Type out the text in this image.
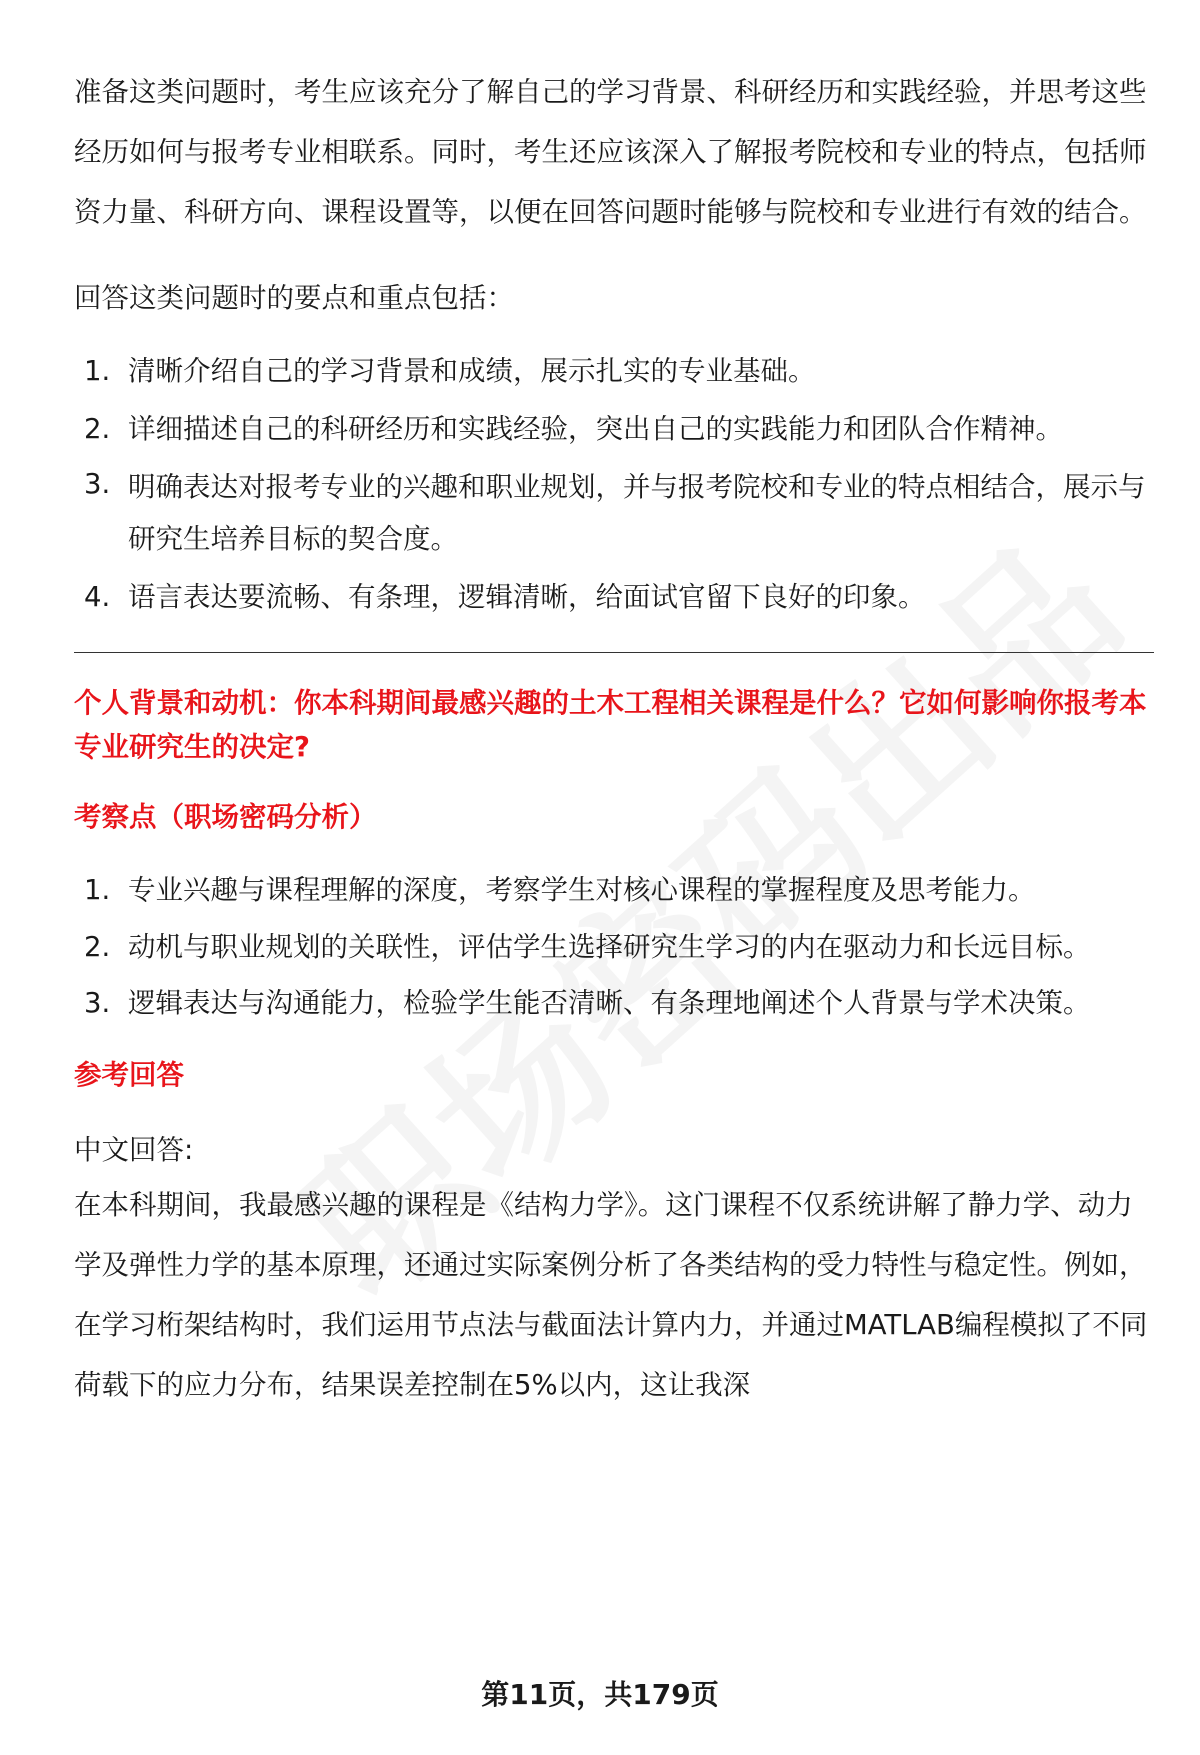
准备这类问题时，考生应该充分了解自己的学习背景、科研经历和实践经验，并思考这些经历如何与报考专业相联系。同时，考生还应该深入了解报考院校和专业的特点，包括师资力量、科研方向、课程设置等，以便在回答问题时能够与院校和专业进行有效的结合。

回答这类问题时的要点和重点包括：

1. 清晰介绍自己的学习背景和成绩，展示扎实的专业基础。
2. 详细描述自己的科研经历和实践经验，突出自己的实践能力和团队合作精神。
3. 明确表达对报考专业的兴趣和职业规划，并与报考院校和专业的特点相结合，展示与研究生培养目标的契合度。
4. 语言表达要流畅、有条理，逻辑清晰，给面试官留下良好的印象。

个人背景和动机：你本科期间最感兴趣的土木工程相关课程是什么？它如何影响你报考本专业研究生的决定?

考察点（职场密码分析）

1. 专业兴趣与课程理解的深度，考察学生对核心课程的掌握程度及思考能力。
2. 动机与职业规划的关联性，评估学生选择研究生学习的内在驱动力和长远目标。
3. 逻辑表达与沟通能力，检验学生能否清晰、有条理地阐述个人背景与学术决策。

参考回答

中文回答:

在本科期间，我最感兴趣的课程是《结构力学》。这门课程不仅系统讲解了静力学、动力学及弹性力学的基本原理，还通过实际案例分析了各类结构的受力特性与稳定性。例如，在学习桁架结构时，我们运用节点法与截面法计算内力，并通过MATLAB编程模拟了不同荷载下的应力分布，结果误差控制在5%以内，这让我深

第11页，共179页
